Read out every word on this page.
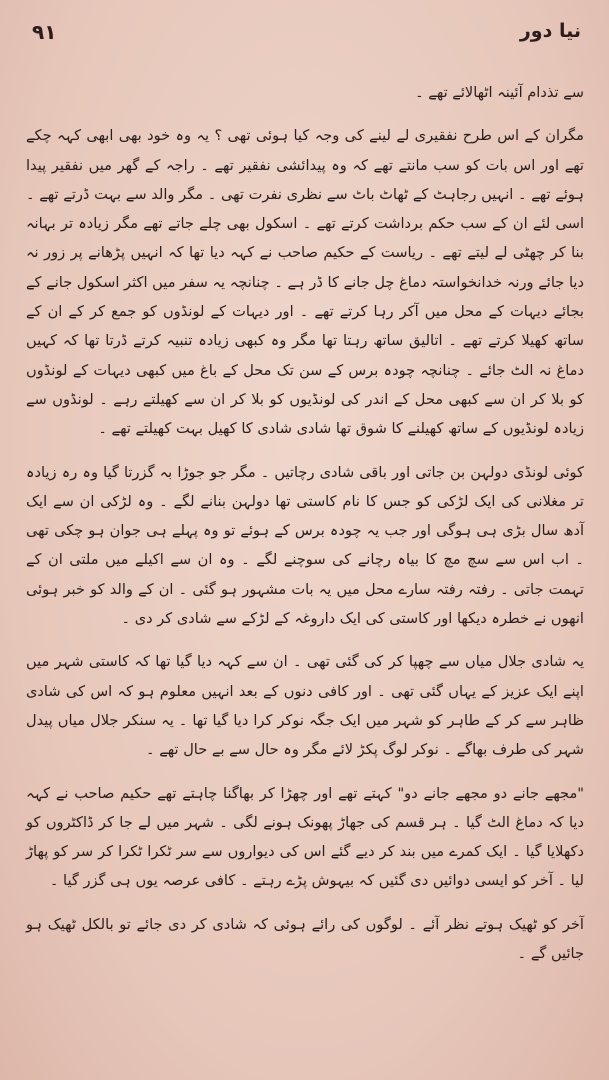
۹۱	نیا دور

سے تذدام آئینہ اٹھالائے تھے ۔

مگران کے اس طرح نفقیری لے لینے کی وجہ کیا ہوئی تھی ؟ یہ وہ خود بھی ابھی کہہ چکے تھے اور اس بات کو سب مانتے تھے کہ وہ پیدائشی نفقیر تھے ۔ راجہ کے گھر میں نفقیر پیدا ہوئے تھے ۔ انہیں رجاہٹ کے ٹھاٹ باٹ سے نظری نفرت تھی ۔ مگر والد سے بہت ڈرتے تھے ۔ اسی لئے ان کے سب حکم برداشت کرتے تھے ۔ اسکول بھی چلے جاتے تھے مگر زیادہ تر بہانہ بنا کر چھٹی لے لیتے تھے ۔ ریاست کے حکیم صاحب نے کہہ دیا تھا کہ انہیں پڑھانے پر زور نہ دیا جائے ورنہ خدانخواستہ دماغ چل جانے کا ڈر ہے ۔ چنانچہ یہ سفر میں اکثر اسکول جانے کے بجائے دیہات کے محل میں آکر رہا کرتے تھے ۔ اور دیہات کے لونڈوں کو جمع کر کے ان کے ساتھ کھیلا کرتے تھے ۔ اتالیق ساتھ رہتا تھا مگر وہ کبھی زیادہ تنبیہ کرتے ڈرتا تھا کہ کہیں دماغ نہ الٹ جائے ۔ چنانچہ چودہ برس کے سن تک محل کے باغ میں کبھی دیہات کے لونڈوں کو بلا کر ان سے کبھی محل کے اندر کی لونڈیوں کو بلا کر ان سے کھیلتے رہے ۔ لونڈوں سے زیادہ لونڈیوں کے ساتھ کھیلنے کا شوق تھا شادی شادی کا کھیل بہت کھیلتے تھے ۔

کوئی لونڈی دولہن بن جاتی اور باقی شادی رچاتیں ۔ مگر جو جوڑا بہ گزرتا گیا وہ رہ زیادہ تر مغلانی کی ایک لڑکی کو جس کا نام کاستی تھا دولہن بنانے لگے ۔ وہ لڑکی ان سے ایک آدھ سال بڑی ہی ہوگی اور جب یہ چودہ برس کے ہوئے تو وہ پہلے ہی جوان ہو چکی تھی ۔ اب اس سے سچ مچ کا بیاہ رچانے کی سوچنے لگے ۔ وہ ان سے اکیلے میں ملتی ان کے تہمت جاتی ۔ رفتہ رفتہ سارے محل میں یہ بات مشہور ہو گئی ۔ ان کے والد کو خبر ہوئی انھوں نے خطرہ دیکھا اور کاستی کی ایک داروغہ کے لڑکے سے شادی کر دی ۔

یہ شادی جلال میاں سے چھپا کر کی گئی تھی ۔ ان سے کہہ دیا گیا تھا کہ کاستی شہر میں اپنے ایک عزیز کے یہاں گئی تھی ۔ اور کافی دنوں کے بعد انہیں معلوم ہو کہ اس کی شادی ظاہر سے کر کے طاہر کو شہر میں ایک جگہ نوکر کرا دیا گیا تھا ۔ یہ سنکر جلال میاں پیدل شہر کی طرف بھاگے ۔ نوکر لوگ پکڑ لائے مگر وہ حال سے بے حال تھے ۔

"مجھے جانے دو مجھے جانے دو" کہتے تھے اور چھڑا کر بھاگنا چاہتے تھے حکیم صاحب نے کہہ دیا کہ دماغ الٹ گیا ۔ ہر قسم کی جھاڑ پھونک ہونے لگی ۔ شہر میں لے جا کر ڈاکٹروں کو دکھلایا گیا ۔ ایک کمرے میں بند کر دیے گئے اس کی دیواروں سے سر ٹکرا ٹکرا کر سر کو پھاڑ لیا ۔ آخر کو ایسی دوائیں دی گئیں کہ بیہوش پڑے رہتے ۔ کافی عرصہ یوں ہی گزر گیا ۔

آخر کو ٹھیک ہوتے نظر آئے ۔ لوگوں کی رائے ہوئی کہ شادی کر دی جائے تو بالکل ٹھیک ہو جائیں گے ۔
